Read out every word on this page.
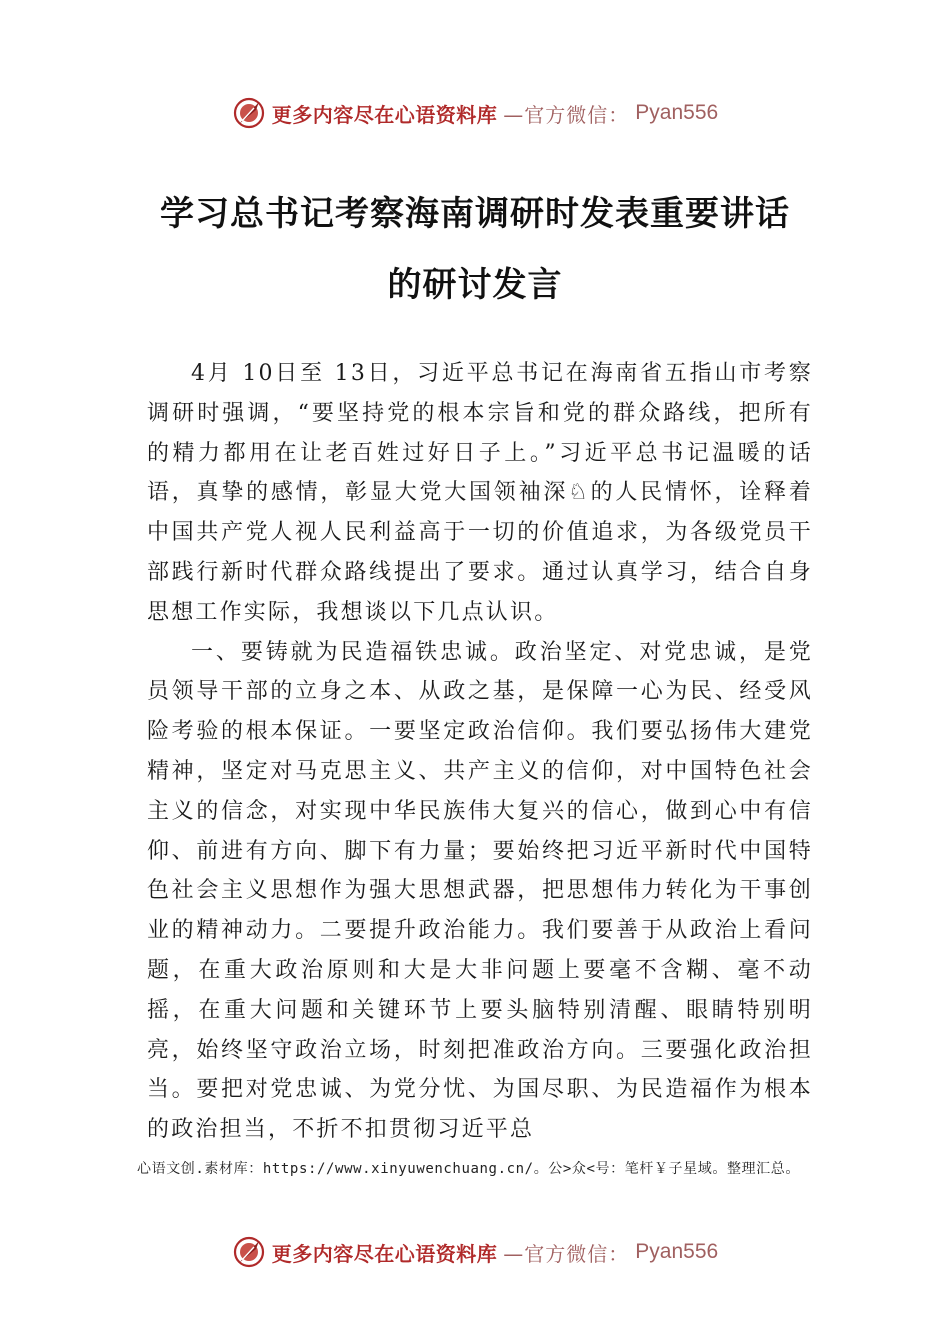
更多内容尽在心语资料库 —官方微信： Pyan556
学习总书记考察海南调研时发表重要讲话
的研讨发言

4月 10日至 13日，习近平总书记在海南省五指山市考察调研时强调，“要坚持党的根本宗旨和党的群众路线，把所有的精力都用在让老百姓过好日子上。”习近平总书记温暖的话语，真挚的感情，彰显大党大国领袖深♘的人民情怀，诠释着中国共产党人视人民利益高于一切的价值追求，为各级党员干部践行新时代群众路线提出了要求。通过认真学习，结合自身思想工作实际，我想谈以下几点认识。

一、要铸就为民造福铁忠诚。政治坚定、对党忠诚，是党员领导干部的立身之本、从政之基，是保障一心为民、经受风险考验的根本保证。一要坚定政治信仰。我们要弘扬伟大建党精神，坚定对马克思主义、共产主义的信仰，对中国特色社会主义的信念，对实现中华民族伟大复兴的信心，做到心中有信仰、前进有方向、脚下有力量；要始终把习近平新时代中国特色社会主义思想作为强大思想武器，把思想伟力转化为干事创业的精神动力。二要提升政治能力。我们要善于从政治上看问题，在重大政治原则和大是大非问题上要毫不含糊、毫不动摇，在重大问题和关键环节上要头脑特别清醒、眼睛特别明亮，始终坚守政治立场，时刻把准政治方向。三要强化政治担当。要把对党忠诚、为党分忧、为国尽职、为民造福作为根本的政治担当，不折不扣贯彻习近平总

心语文创.素材库：https://www.xinyuwenchuang.cn/。公>众<号：笔杆￥子星域。整理汇总。
更多内容尽在心语资料库 —官方微信： Pyan556
